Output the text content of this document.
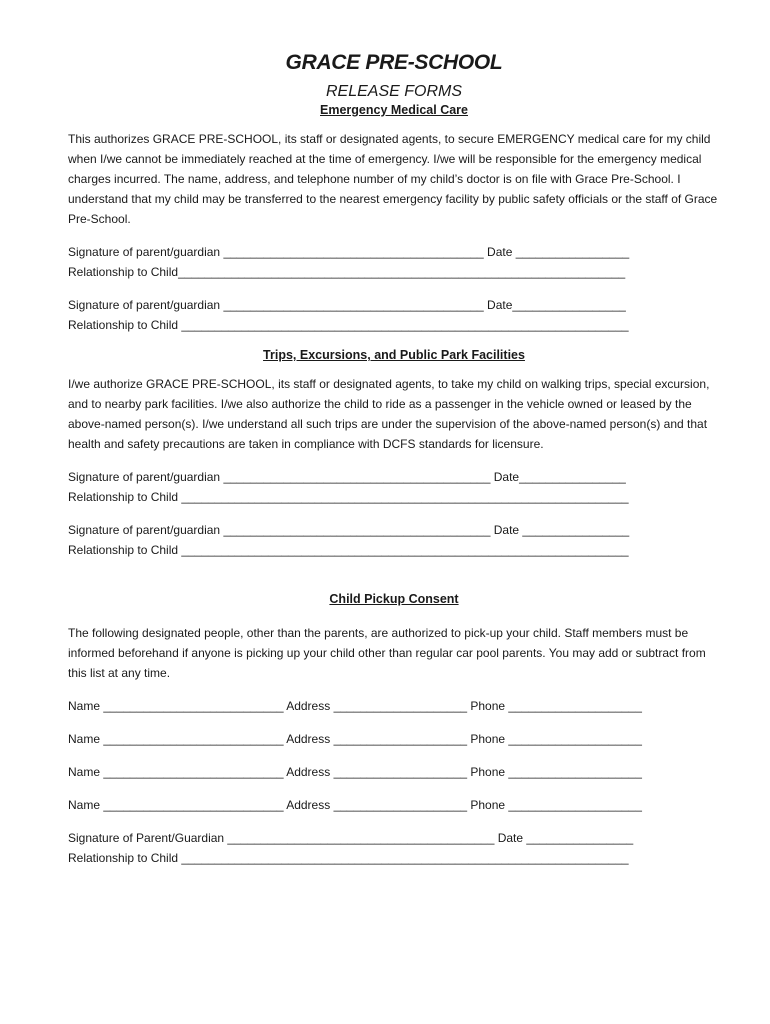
GRACE PRE-SCHOOL
RELEASE FORMS
Emergency Medical Care

This authorizes GRACE PRE-SCHOOL, its staff or designated agents, to secure EMERGENCY medical care for my child when I/we cannot be immediately reached at the time of emergency. I/we will be responsible for the emergency medical charges incurred. The name, address, and telephone number of my child’s doctor is on file with Grace Pre-School. I understand that my child may be transferred to the nearest emergency facility by public safety officials or the staff of Grace Pre-School.

Signature of parent/guardian _______________________________________ Date _________________
Relationship to Child___________________________________________________________________
Signature of parent/guardian _______________________________________ Date_________________
Relationship to Child ___________________________________________________________________
Trips, Excursions, and Public Park Facilities

I/we authorize GRACE PRE-SCHOOL, its staff or designated agents, to take my child on walking trips, special excursion, and to nearby park facilities. I/we also authorize the child to ride as a passenger in the vehicle owned or leased by the above-named person(s). I/we understand all such trips are under the supervision of the above-named person(s) and that health and safety precautions are taken in compliance with DCFS standards for licensure.

Signature of parent/guardian ________________________________________ Date________________
Relationship to Child ___________________________________________________________________
Signature of parent/guardian ________________________________________ Date ________________
Relationship to Child ___________________________________________________________________
Child Pickup Consent

The following designated people, other than the parents, are authorized to pick-up your child. Staff members must be informed beforehand if anyone is picking up your child other than regular car pool parents. You may add or subtract from this list at any time.

Name ___________________________ Address ____________________ Phone ____________________
Name ___________________________ Address ____________________ Phone ____________________
Name ___________________________ Address ____________________ Phone ____________________
Name ___________________________ Address ____________________ Phone ____________________
Signature of Parent/Guardian ________________________________________ Date ________________
Relationship to Child ___________________________________________________________________
